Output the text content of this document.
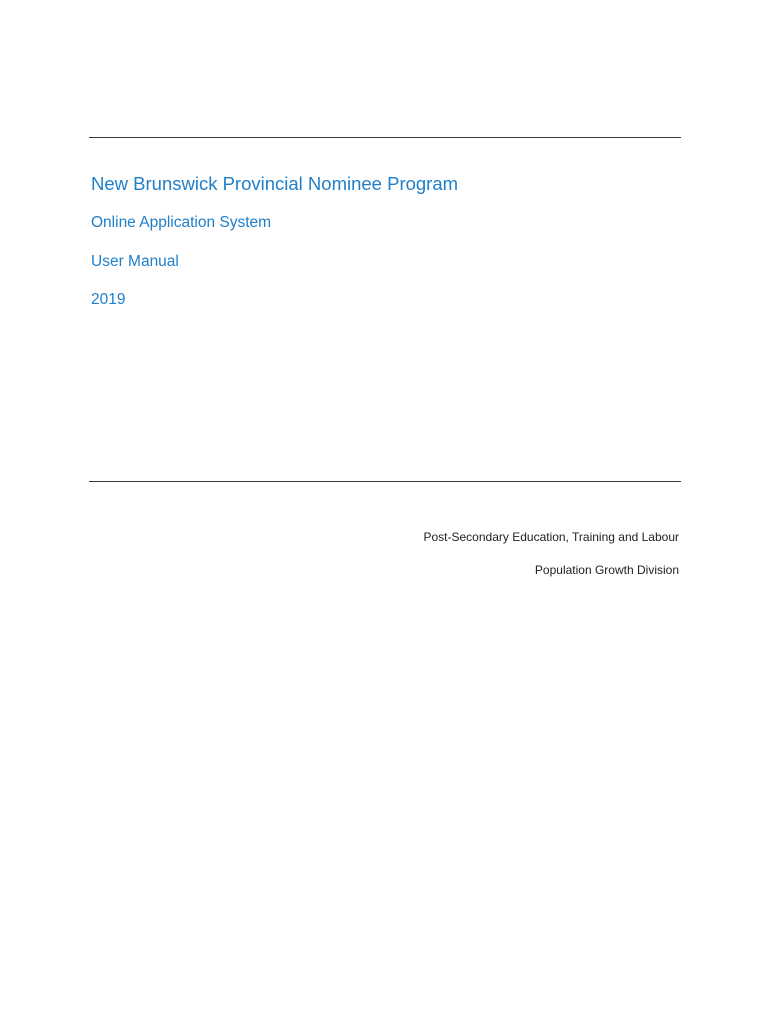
New Brunswick Provincial Nominee Program

Online Application System

User Manual

2019

Post-Secondary Education, Training and Labour

Population Growth Division
